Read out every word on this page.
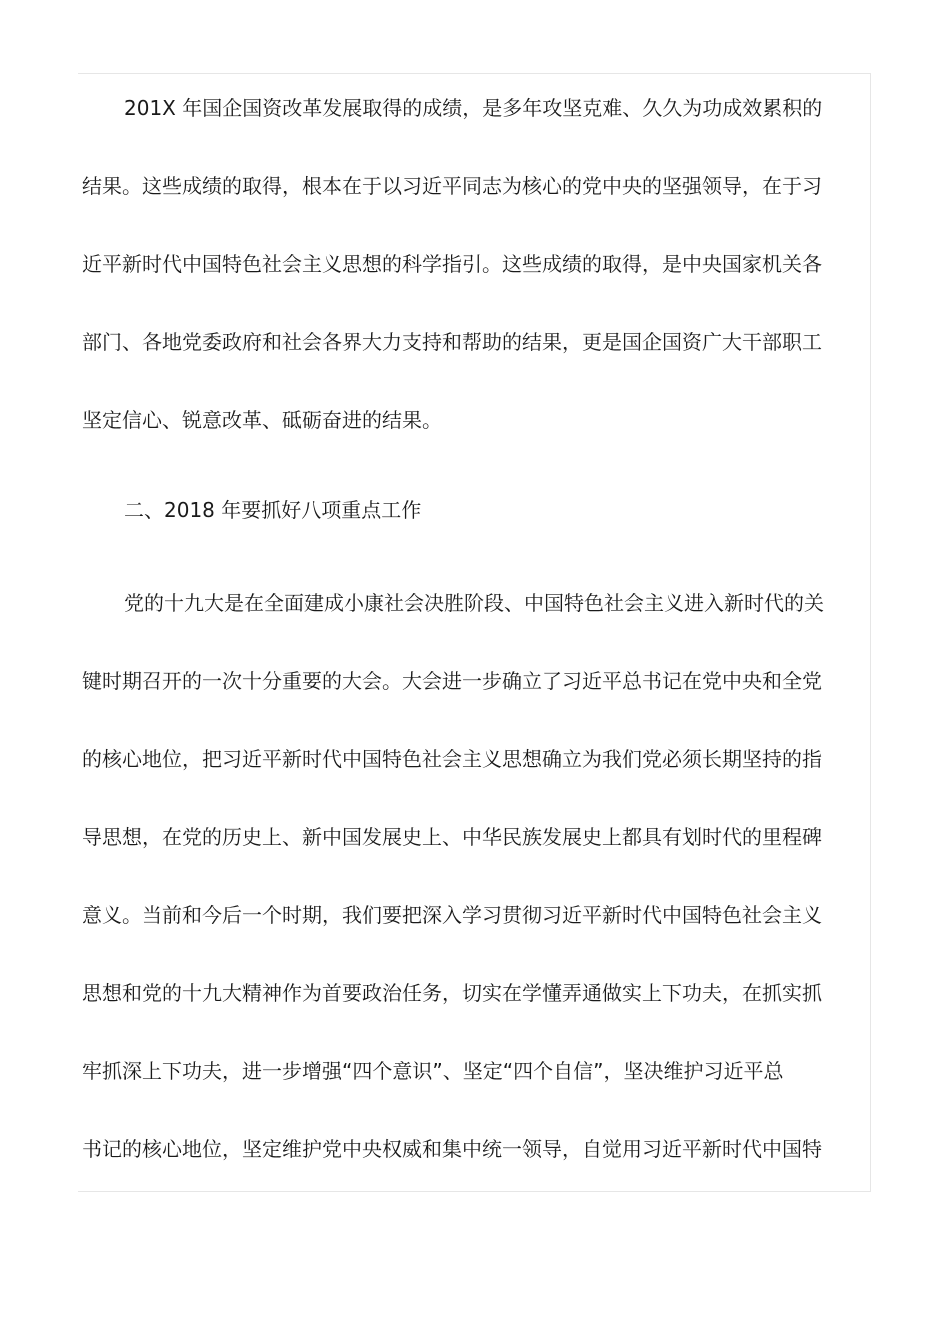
201X 年国企国资改革发展取得的成绩，是多年攻坚克难、久久为功成效累积的
结果。这些成绩的取得，根本在于以习近平同志为核心的党中央的坚强领导，在于习
近平新时代中国特色社会主义思想的科学指引。这些成绩的取得，是中央国家机关各
部门、各地党委政府和社会各界大力支持和帮助的结果，更是国企国资广大干部职工
坚定信心、锐意改革、砥砺奋进的结果。
二、2018 年要抓好八项重点工作
党的十九大是在全面建成小康社会决胜阶段、中国特色社会主义进入新时代的关
键时期召开的一次十分重要的大会。大会进一步确立了习近平总书记在党中央和全党
的核心地位，把习近平新时代中国特色社会主义思想确立为我们党必须长期坚持的指
导思想，在党的历史上、新中国发展史上、中华民族发展史上都具有划时代的里程碑
意义。当前和今后一个时期，我们要把深入学习贯彻习近平新时代中国特色社会主义
思想和党的十九大精神作为首要政治任务，切实在学懂弄通做实上下功夫，在抓实抓
牢抓深上下功夫，进一步增强“四个意识”、坚定“四个自信”，坚决维护习近平总
书记的核心地位，坚定维护党中央权威和集中统一领导，自觉用习近平新时代中国特
